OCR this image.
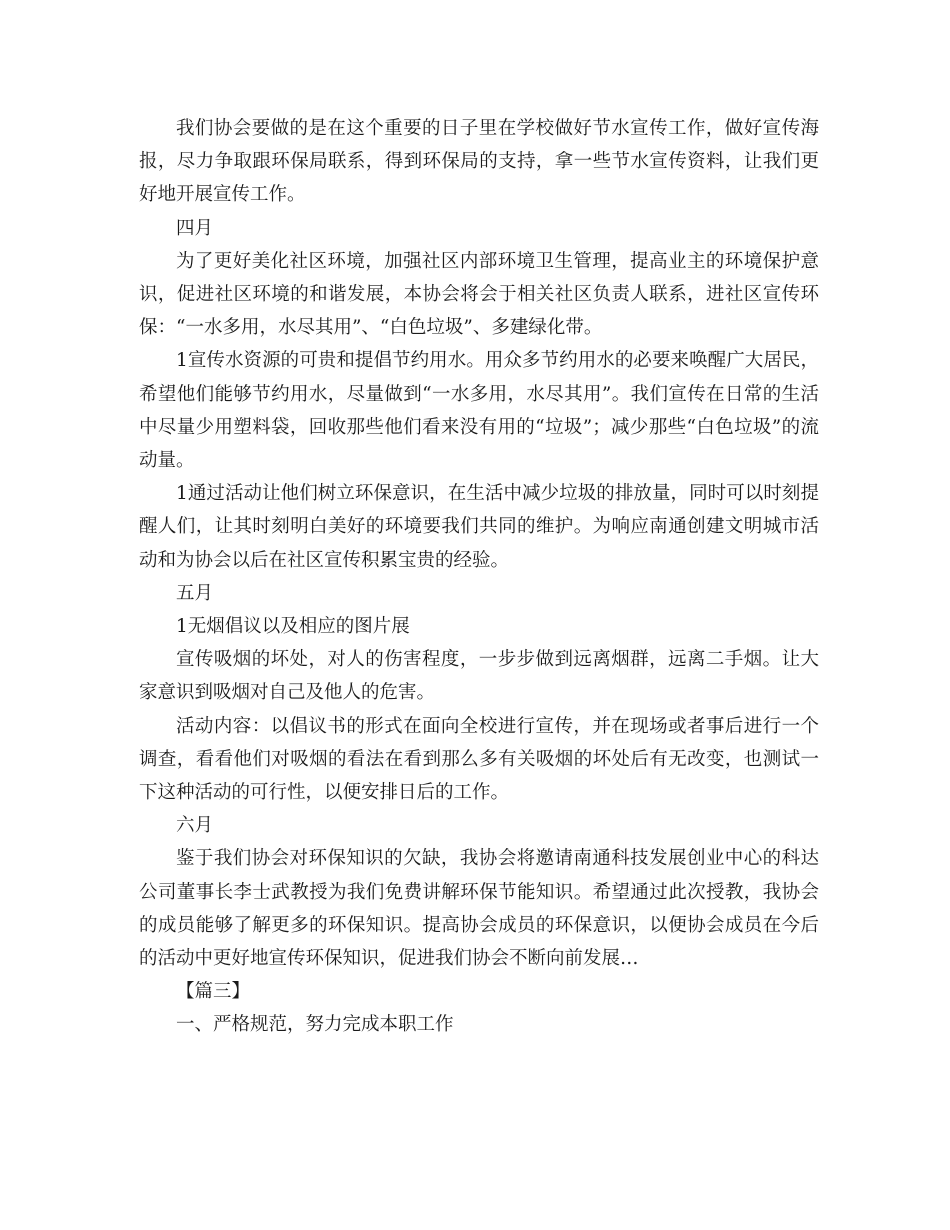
我们协会要做的是在这个重要的日子里在学校做好节水宣传工作，做好宣传海报，尽力争取跟环保局联系，得到环保局的支持，拿一些节水宣传资料，让我们更好地开展宣传工作。

四月

为了更好美化社区环境，加强社区内部环境卫生管理，提高业主的环境保护意识，促进社区环境的和谐发展，本协会将会于相关社区负责人联系，进社区宣传环保：“一水多用，水尽其用”、“白色垃圾”、多建绿化带。

1宣传水资源的可贵和提倡节约用水。用众多节约用水的必要来唤醒广大居民，希望他们能够节约用水，尽量做到“一水多用，水尽其用”。我们宣传在日常的生活中尽量少用塑料袋，回收那些他们看来没有用的“垃圾”；减少那些“白色垃圾”的流动量。

1通过活动让他们树立环保意识，在生活中减少垃圾的排放量，同时可以时刻提醒人们，让其时刻明白美好的环境要我们共同的维护。为响应南通创建文明城市活动和为协会以后在社区宣传积累宝贵的经验。

五月

1无烟倡议以及相应的图片展

宣传吸烟的坏处，对人的伤害程度，一步步做到远离烟群，远离二手烟。让大家意识到吸烟对自己及他人的危害。

活动内容：以倡议书的形式在面向全校进行宣传，并在现场或者事后进行一个调查，看看他们对吸烟的看法在看到那么多有关吸烟的坏处后有无改变，也测试一下这种活动的可行性，以便安排日后的工作。

六月

鉴于我们协会对环保知识的欠缺，我协会将邀请南通科技发展创业中心的科达公司董事长李士武教授为我们免费讲解环保节能知识。希望通过此次授教，我协会的成员能够了解更多的环保知识。提高协会成员的环保意识，以便协会成员在今后的活动中更好地宣传环保知识，促进我们协会不断向前发展…

【篇三】

一、严格规范，努力完成本职工作
